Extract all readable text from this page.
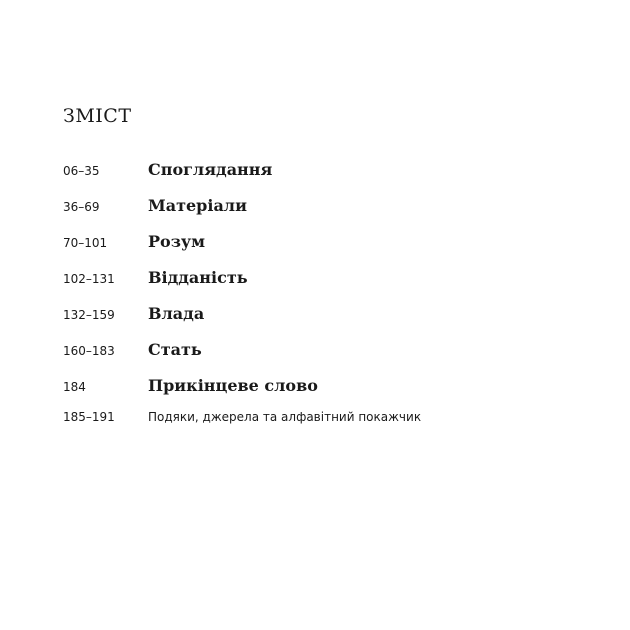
ЗМІСТ
06–35	Споглядання
36–69	Матеріали
70–101	Розум
102–131 Відданість
132–159 Влада
160–183 Стать
184	Прикінцеве слово
185–191	Подяки, джерела та алфавітний покажчик
